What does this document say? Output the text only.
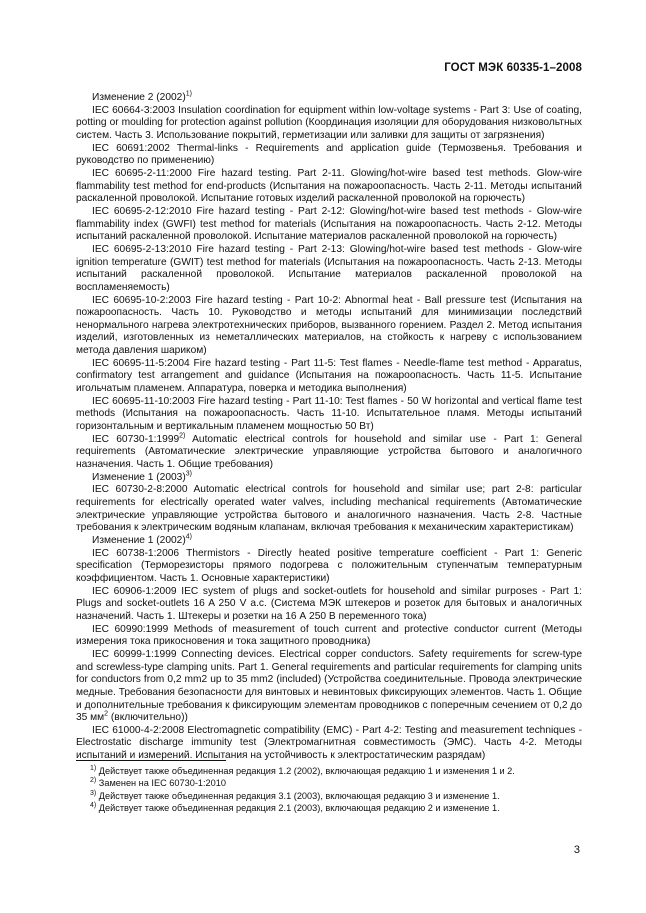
ГОСТ МЭК 60335-1–2008

Изменение 2 $(2002)^{1)}$

IEC 60664-3:2003 Insulation coordination for equipment within low-voltage systems - Part 3: Use of coating, potting or moulding for protection against pollution (Координация изоляции для оборудования низковольтных систем. Часть 3. Использование покрытий, герметизации или заливки для защиты от загрязнения)

IEC 60691:2002 Thermal-links - Requirements and application guide (Термозвенья. Требования и руководство по применению)

IEC 60695-2-11:2000 Fire hazard testing. Part 2-11. Glowing/hot-wire based test methods. Glow-wire flammability test method for end-products (Испытания на пожароопасность. Часть 2-11. Методы испытаний раскаленной проволокой. Испытание готовых изделий раскаленной проволокой на горючесть)

IEC 60695-2-12:2010 Fire hazard testing - Part 2-12: Glowing/hot-wire based test methods - Glow-wire flammability index (GWFI) test method for materials (Испытания на пожароопасность. Часть 2-12. Методы испытаний раскаленной проволокой. Испытание материалов раскаленной проволокой на горючесть)

IEC 60695-2-13:2010 Fire hazard testing - Part 2-13: Glowing/hot-wire based test methods - Glow-wire ignition temperature (GWIT) test method for materials (Испытания на пожароопасность. Часть 2-13. Методы испытаний раскаленной проволокой. Испытание материалов раскаленной проволокой на воспламеняемость)

IEC 60695-10-2:2003 Fire hazard testing - Part 10-2: Abnormal heat - Ball pressure test (Испытания на пожароопасность. Часть 10. Руководство и методы испытаний для минимизации последствий ненормального нагрева электротехнических приборов, вызванного горением. Раздел 2. Метод испытания изделий, изготовленных из неметаллических материалов, на стойкость к нагреву с использованием метода давления шариком)

IEC 60695-11-5:2004 Fire hazard testing - Part 11-5: Test flames - Needle-flame test method - Apparatus, confirmatory test arrangement and guidance (Испытания на пожароопасность. Часть 11-5. Испытание игольчатым пламенем. Аппаратура, поверка и методика выполнения)

IEC 60695-11-10:2003 Fire hazard testing - Part 11-10: Test flames - 50 W horizontal and vertical flame test methods (Испытания на пожароопасность. Часть 11-10. Испытательное пламя. Методы испытаний горизонтальным и вертикальным пламенем мощностью 50 Вт)

IEC 60730-1:1999$^{2)}$ Automatic electrical controls for household and similar use - Part 1: General requirements (Автоматические электрические управляющие устройства бытового и аналогичного назначения. Часть 1. Общие требования)

Изменение 1 $(2003)^{3)}$

IEC 60730-2-8:2000 Automatic electrical controls for household and similar use; part 2-8: particular requirements for electrically operated water valves, including mechanical requirements (Автоматические электрические управляющие устройства бытового и аналогичного назначения. Часть 2-8. Частные требования к электрическим водяным клапанам, включая требования к механическим характеристикам)

Изменение 1 $(2002)^{4)}$

IEC 60738-1:2006 Thermistors - Directly heated positive temperature coefficient - Part 1: Generic specification (Терморезисторы прямого подогрева с положительным ступенчатым температурным коэффициентом. Часть 1. Основные характеристики)

IEC 60906-1:2009 IEC system of plugs and socket-outlets for household and similar purposes - Part 1: Plugs and socket-outlets 16 A 250 V a.c. (Система МЭК штекеров и розеток для бытовых и аналогичных назначений. Часть 1. Штекеры и розетки на 16 А 250 В переменного тока)

IEC 60990:1999 Methods of measurement of touch current and protective conductor current (Методы измерения тока прикосновения и тока защитного проводника)

IEC 60999-1:1999 Connecting devices. Electrical copper conductors. Safety requirements for screw-type and screwless-type clamping units. Part 1. General requirements and particular requirements for clamping units for conductors from 0,2 mm2 up to 35 mm2 (included) (Устройства соединительные. Провода электрические медные. Требования безопасности для винтовых и невинтовых фиксирующих элементов. Часть 1. Общие и дополнительные требования к фиксирующим элементам проводников с поперечным сечением от 0,2 до 35 $мм^2$ (включительно))

IEC 61000-4-2:2008 Electromagnetic compatibility (EMC) - Part 4-2: Testing and measurement techniques - Electrostatic discharge immunity test (Электромагнитная совместимость (ЭМС). Часть 4-2. Методы испытаний и измерений. Испытания на устойчивость к электростатическим разрядам)

$^{1)}$ Действует также объединенная редакция 1.2 (2002), включающая редакцию 1 и изменения 1 и 2.

$^{2)}$ Заменен на IEC 60730-1:2010

$^{3)}$ Действует также объединенная редакция 3.1 (2003), включающая редакцию 3 и изменение 1.

$^{4)}$ Действует также объединенная редакция 2.1 (2003), включающая редакцию 2 и изменение 1.

3
